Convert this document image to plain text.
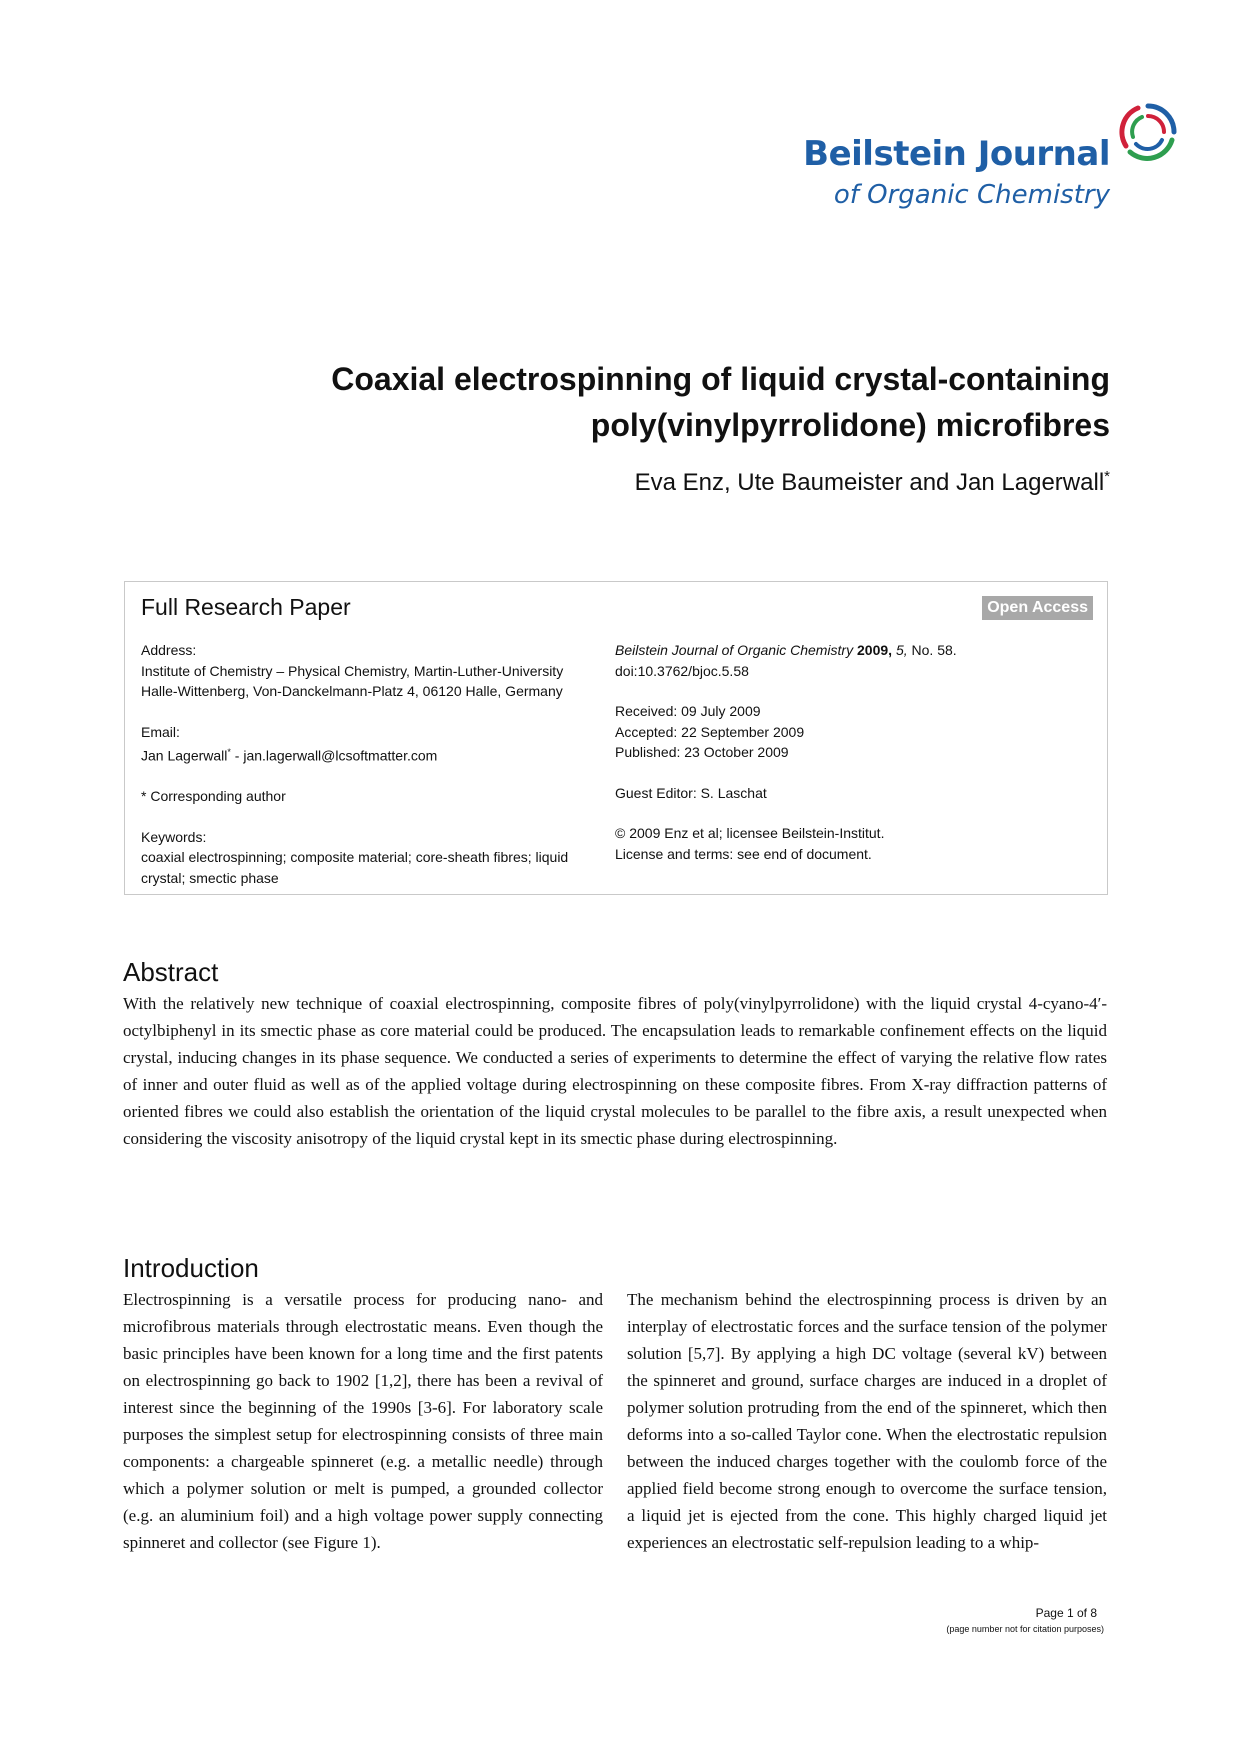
Beilstein Journal
of Organic Chemistry
Coaxial electrospinning of liquid crystal-containing poly(vinylpyrrolidone) microfibres
Eva Enz, Ute Baumeister and Jan Lagerwall*
Full Research Paper	Open Access

Address:

Institute of Chemistry – Physical Chemistry, Martin-Luther-University

Halle-Wittenberg, Von-Danckelmann-Platz 4, 06120 Halle, Germany

Email:

Jan Lagerwall* - jan.lagerwall@lcsoftmatter.com

* Corresponding author

Keywords:

coaxial electrospinning; composite material; core-sheath fibres; liquid crystal; smectic phase

Beilstein Journal of Organic Chemistry 2009, 5, No. 58.

doi:10.3762/bjoc.5.58

Received: 09 July 2009

Accepted: 22 September 2009

Published: 23 October 2009

Guest Editor: S. Laschat

© 2009 Enz et al; licensee Beilstein-Institut.

License and terms: see end of document.

Abstract

With the relatively new technique of coaxial electrospinning, composite fibres of poly(vinylpyrrolidone) with the liquid crystal 4-cyano-4′-octylbiphenyl in its smectic phase as core material could be produced. The encapsulation leads to remarkable confinement effects on the liquid crystal, inducing changes in its phase sequence. We conducted a series of experiments to determine the effect of varying the relative flow rates of inner and outer fluid as well as of the applied voltage during electrospinning on these composite fibres. From X-ray diffraction patterns of oriented fibres we could also establish the orientation of the liquid crystal molecules to be parallel to the fibre axis, a result unexpected when considering the viscosity anisotropy of the liquid crystal kept in its smectic phase during electrospinning.

Introduction

Electrospinning is a versatile process for producing nano- and microfibrous materials through electrostatic means. Even though the basic principles have been known for a long time and the first patents on electrospinning go back to 1902 [1,2], there has been a revival of interest since the beginning of the 1990s [3-6]. For laboratory scale purposes the simplest setup for electrospinning consists of three main components: a chargeable spinneret (e.g. a metallic needle) through which a polymer solution or melt is pumped, a grounded collector (e.g. an aluminium foil) and a high voltage power supply connecting spinneret and collector (see Figure 1).

The mechanism behind the electrospinning process is driven by an interplay of electrostatic forces and the surface tension of the polymer solution [5,7]. By applying a high DC voltage (several kV) between the spinneret and ground, surface charges are induced in a droplet of polymer solution protruding from the end of the spinneret, which then deforms into a so-called Taylor cone. When the electrostatic repulsion between the induced charges together with the coulomb force of the applied field become strong enough to overcome the surface tension, a liquid jet is ejected from the cone. This highly charged liquid jet experiences an electrostatic self-repulsion leading to a whip-

Page 1 of 8
(page number not for citation purposes)
